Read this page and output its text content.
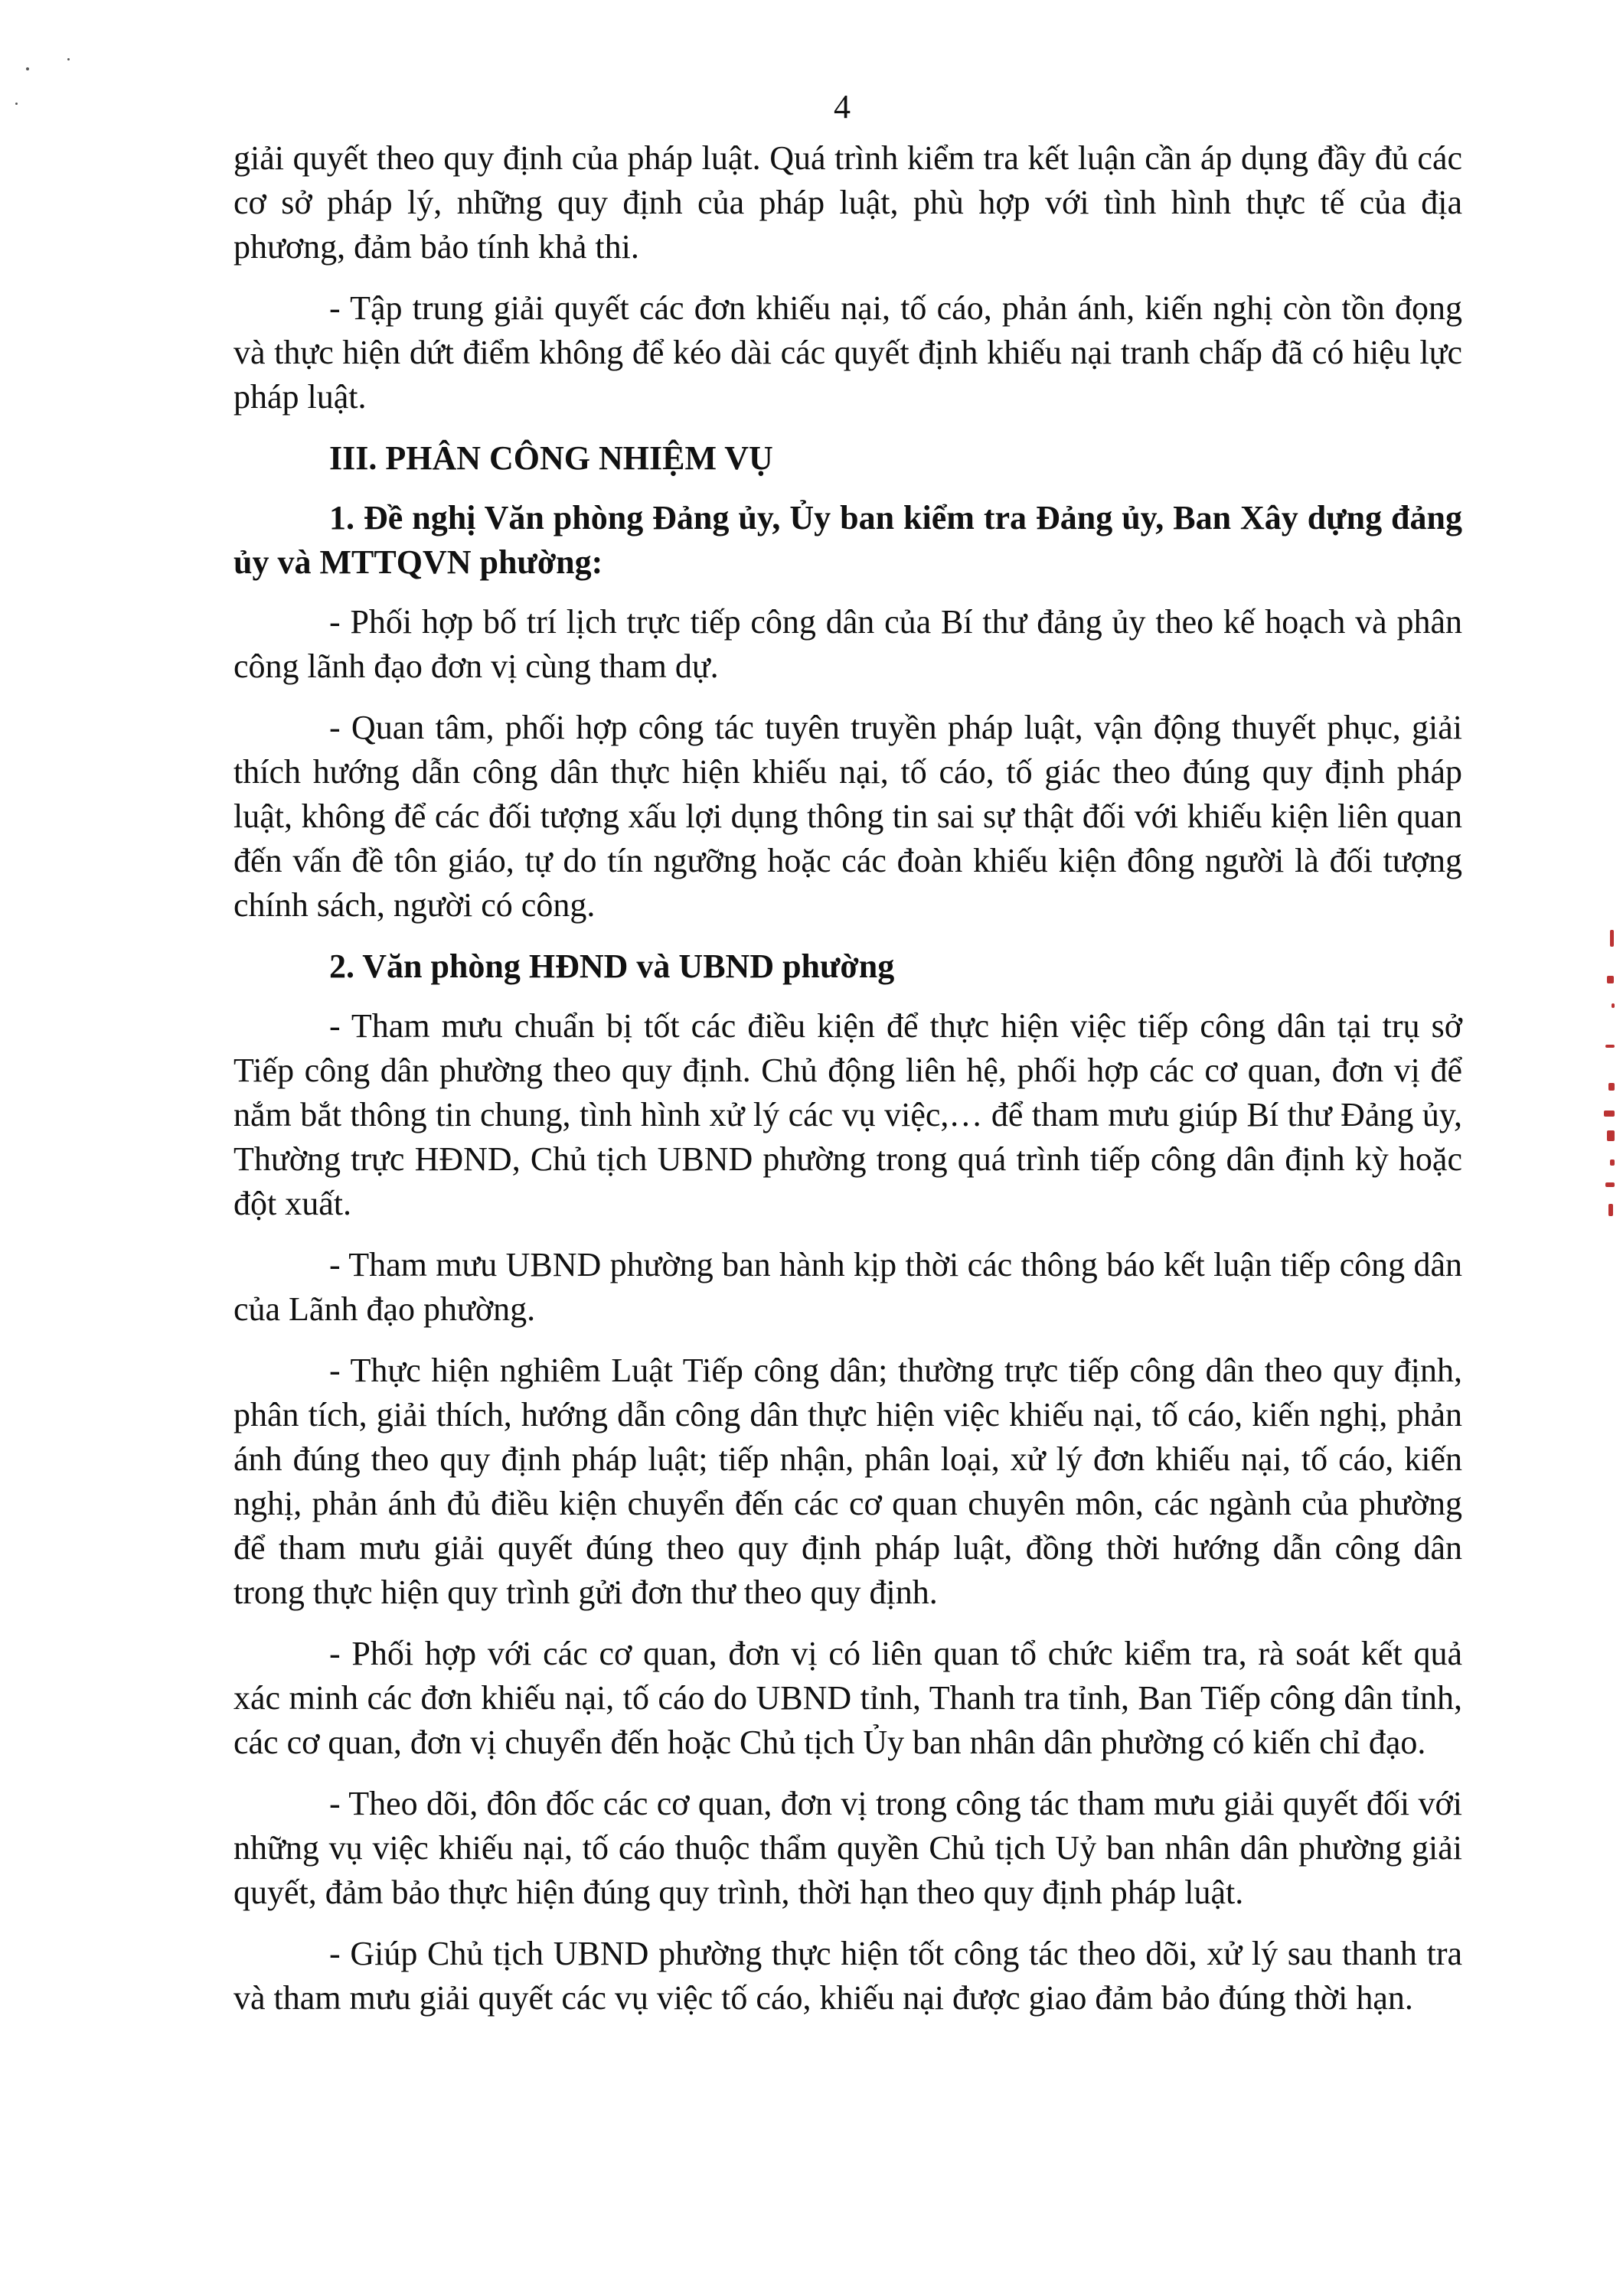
4

giải quyết theo quy định của pháp luật. Quá trình kiểm tra kết luận cần áp dụng đầy đủ các cơ sở pháp lý, những quy định của pháp luật, phù hợp với tình hình thực tế của địa phương, đảm bảo tính khả thi.

- Tập trung giải quyết các đơn khiếu nại, tố cáo, phản ánh, kiến nghị còn tồn đọng và thực hiện dứt điểm không để kéo dài các quyết định khiếu nại tranh chấp đã có hiệu lực pháp luật.

III. PHÂN CÔNG NHIỆM VỤ

1. Đề nghị Văn phòng Đảng ủy, Ủy ban kiểm tra Đảng ủy, Ban Xây dựng đảng ủy và MTTQVN phường:

- Phối hợp bố trí lịch trực tiếp công dân của Bí thư đảng ủy theo kế hoạch và phân công lãnh đạo đơn vị cùng tham dự.

- Quan tâm, phối hợp công tác tuyên truyền pháp luật, vận động thuyết phục, giải thích hướng dẫn công dân thực hiện khiếu nại, tố cáo, tố giác theo đúng quy định pháp luật, không để các đối tượng xấu lợi dụng thông tin sai sự thật đối với khiếu kiện liên quan đến vấn đề tôn giáo, tự do tín ngưỡng hoặc các đoàn khiếu kiện đông người là đối tượng chính sách, người có công.

2. Văn phòng HĐND và UBND phường

- Tham mưu chuẩn bị tốt các điều kiện để thực hiện việc tiếp công dân tại trụ sở Tiếp công dân phường theo quy định. Chủ động liên hệ, phối hợp các cơ quan, đơn vị để nắm bắt thông tin chung, tình hình xử lý các vụ việc,… để tham mưu giúp Bí thư Đảng ủy, Thường trực HĐND, Chủ tịch UBND phường trong quá trình tiếp công dân định kỳ hoặc đột xuất.

- Tham mưu UBND phường ban hành kịp thời các thông báo kết luận tiếp công dân của Lãnh đạo phường.

- Thực hiện nghiêm Luật Tiếp công dân; thường trực tiếp công dân theo quy định, phân tích, giải thích, hướng dẫn công dân thực hiện việc khiếu nại, tố cáo, kiến nghị, phản ánh đúng theo quy định pháp luật; tiếp nhận, phân loại, xử lý đơn khiếu nại, tố cáo, kiến nghị, phản ánh đủ điều kiện chuyển đến các cơ quan chuyên môn, các ngành của phường để tham mưu giải quyết đúng theo quy định pháp luật, đồng thời hướng dẫn công dân trong thực hiện quy trình gửi đơn thư theo quy định.

- Phối hợp với các cơ quan, đơn vị có liên quan tổ chức kiểm tra, rà soát kết quả xác minh các đơn khiếu nại, tố cáo do UBND tỉnh, Thanh tra tỉnh, Ban Tiếp công dân tỉnh, các cơ quan, đơn vị chuyển đến hoặc Chủ tịch Ủy ban nhân dân phường có kiến chỉ đạo.

- Theo dõi, đôn đốc các cơ quan, đơn vị trong công tác tham mưu giải quyết đối với những vụ việc khiếu nại, tố cáo thuộc thẩm quyền Chủ tịch Uỷ ban nhân dân phường giải quyết, đảm bảo thực hiện đúng quy trình, thời hạn theo quy định pháp luật.

- Giúp Chủ tịch UBND phường thực hiện tốt công tác theo dõi, xử lý sau thanh tra và tham mưu giải quyết các vụ việc tố cáo, khiếu nại được giao đảm bảo đúng thời hạn.
